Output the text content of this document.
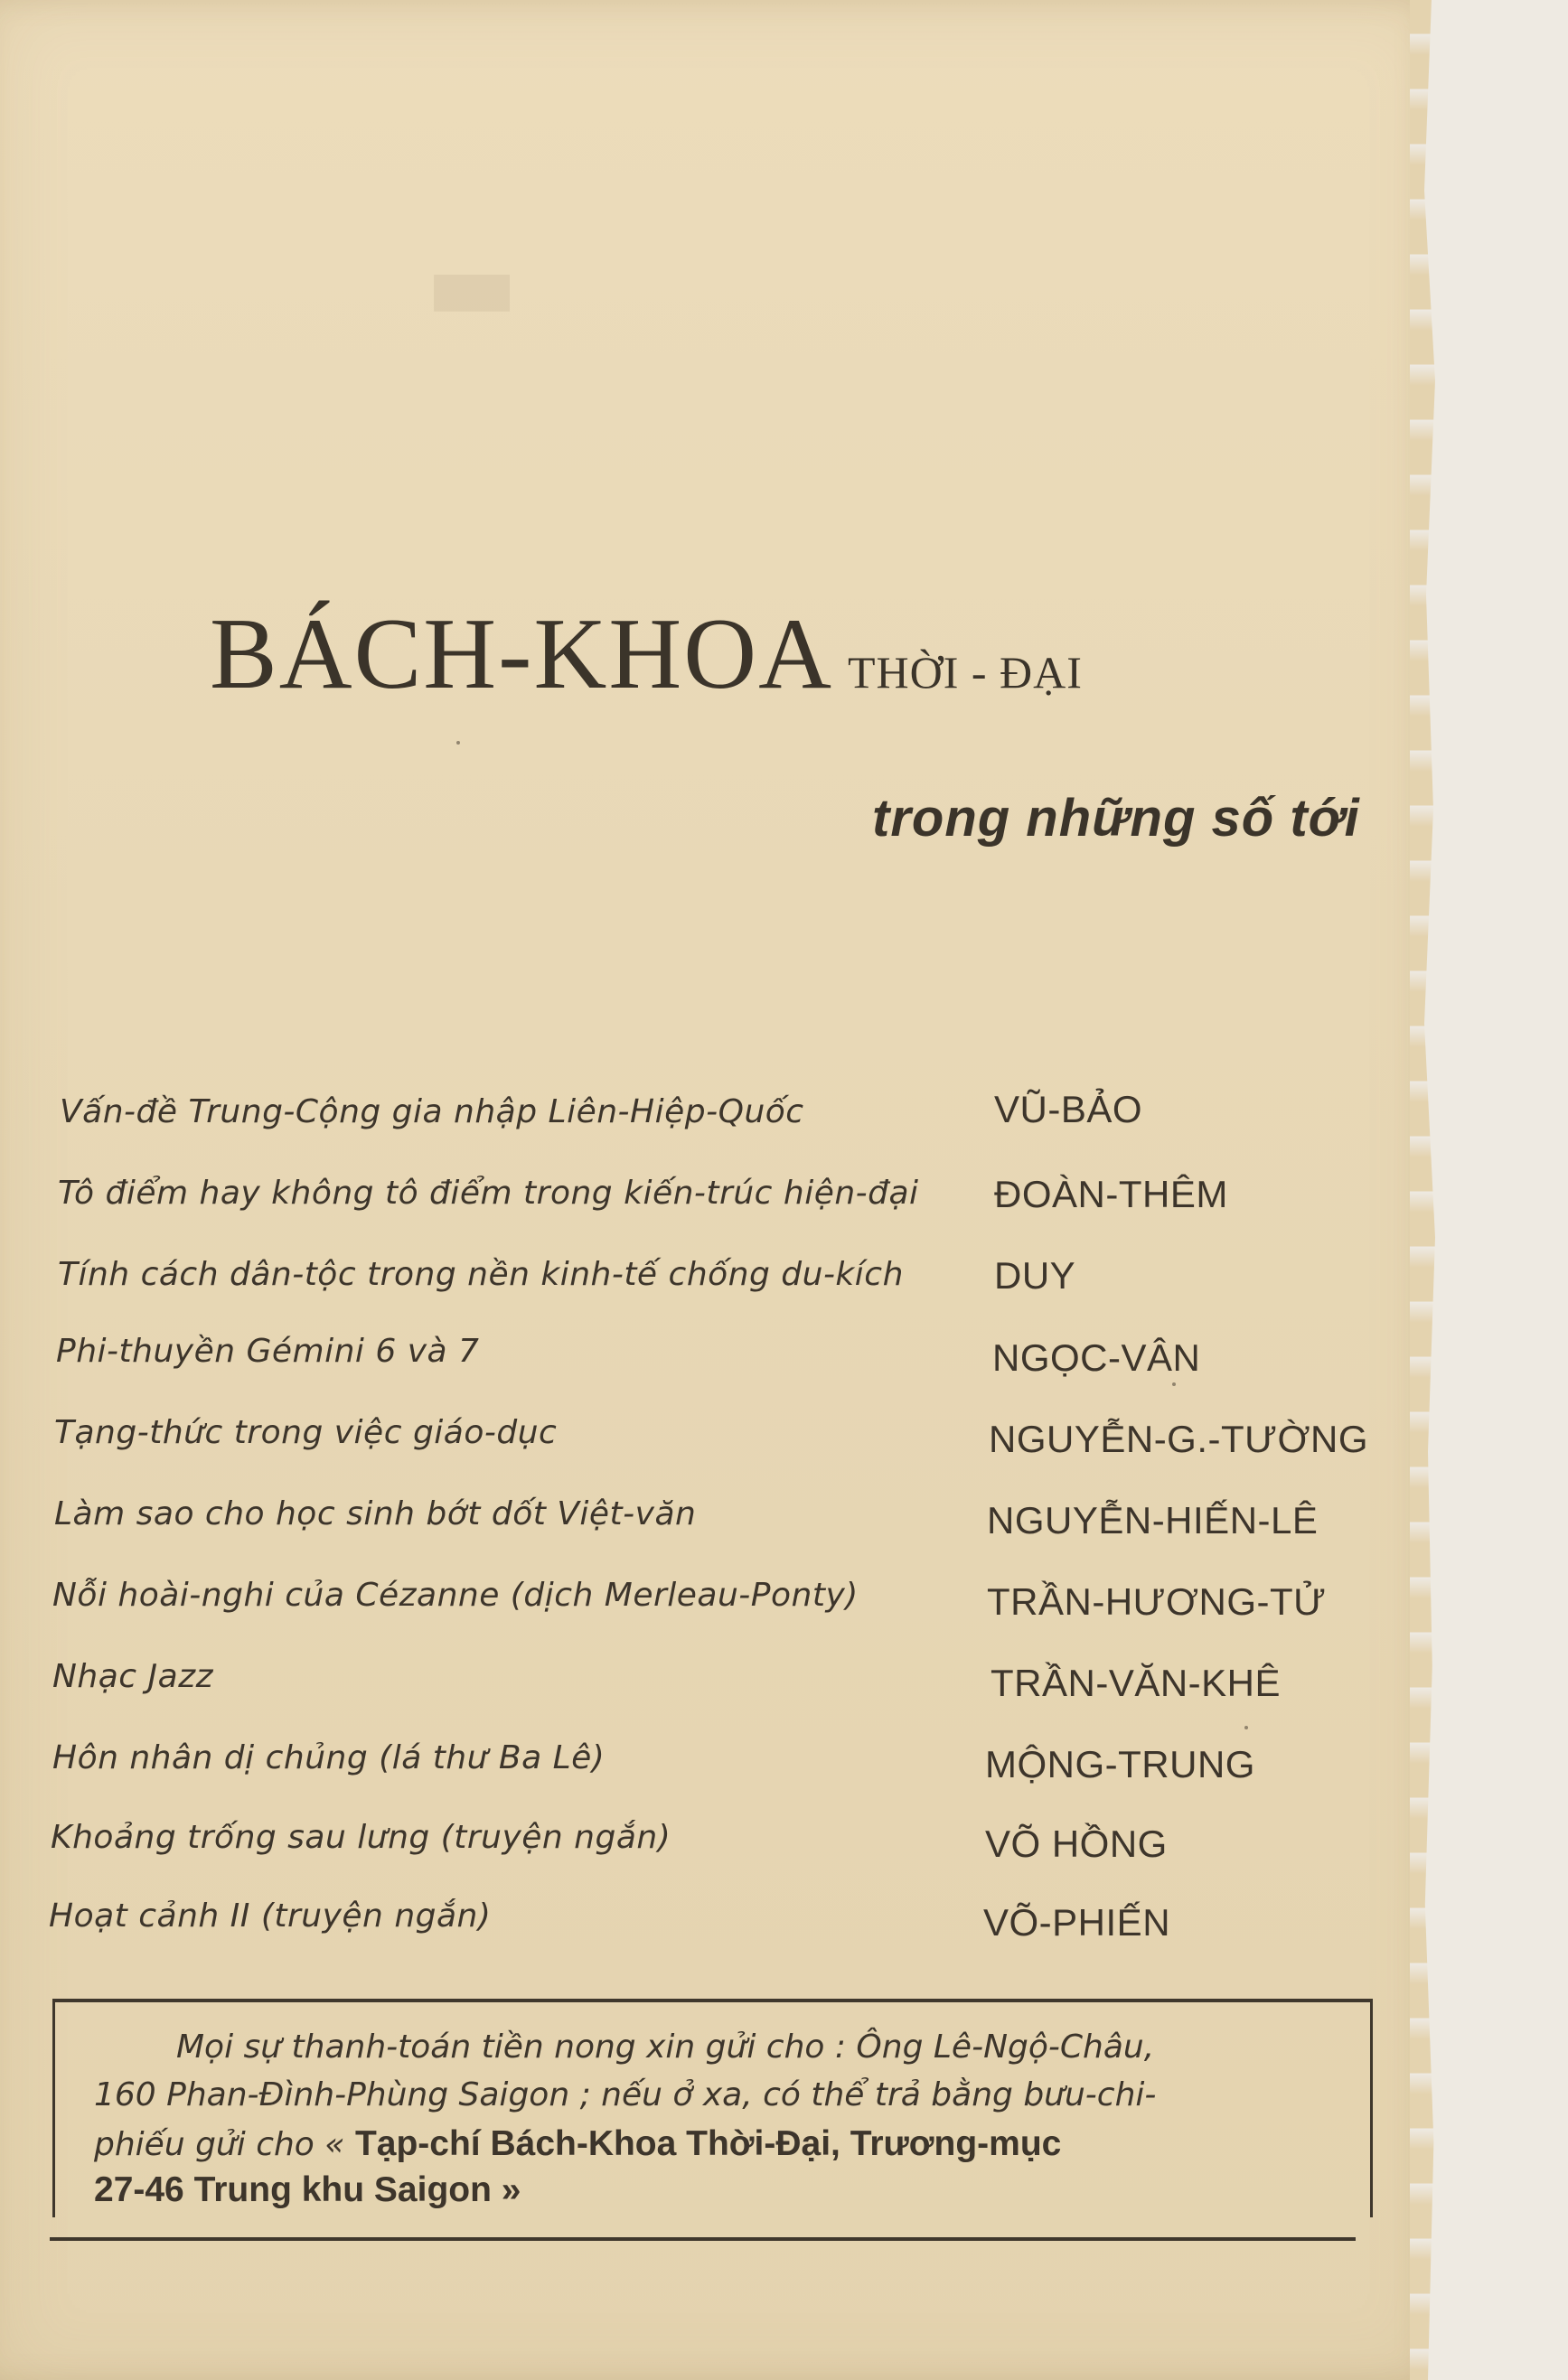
▬
BÁCH-KHOA THỜI - ĐẠI
trong những số tới
Vấn-đề Trung-Cộng gia nhập Liên-Hiệp-Quốc	VŨ-BẢO
Tô điểm hay không tô điểm trong kiến-trúc hiện-đại ĐOÀN-THÊM
Tính cách dân-tộc trong nền kinh-tế chống du-kích DUY
Phi-thuyền Gémini 6 và 7	NGỌC-VÂN
Tạng-thức trong việc giáo-dục	NGUYỄN-G.-TƯỜNG
Làm sao cho học sinh bớt dốt Việt-văn	NGUYỄN-HIẾN-LÊ
Nỗi hoài-nghi của Cézanne (dịch Merleau-Ponty)	TRẦN-HƯƠNG-TỬ
Nhạc Jazz	TRẦN-VĂN-KHÊ
Hôn nhân dị chủng (lá thư Ba Lê)	MỘNG-TRUNG
Khoảng trống sau lưng (truyện ngắn)	VÕ HỒNG
Hoạt cảnh II (truyện ngắn)	VÕ-PHIẾN
Mọi sự thanh-toán tiền nong xin gửi cho : Ông Lê-Ngộ-Châu,
160 Phan-Đình-Phùng Saigon ; nếu ở xa, có thể trả bằng bưu-chi-
phiếu gửi cho « Tạp-chí Bách-Khoa Thời-Đại, Trương-mục
27-46 Trung khu Saigon »
